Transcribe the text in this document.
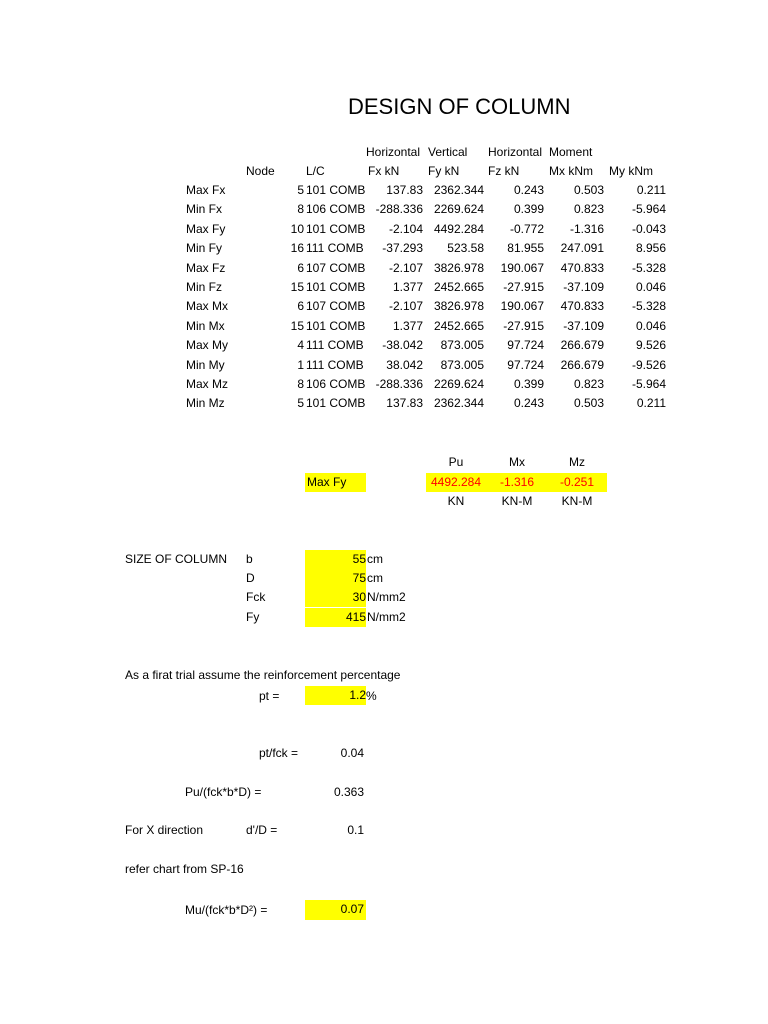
DESIGN OF COLUMN
Horizontal Vertical Horizontal Moment
Node	L/C	Fx kN Fy kN Fz kN Mx kNm My kNm
Max Fx	5 101 COMB 137.83 2362.344 0.243 0.503	0.211
Min Fx	8 106 COMB -288.336 2269.624 0.399 0.823 -5.964
Max Fy	10 101 COMB -2.104 4492.284 -0.772 -1.316 -0.043
Min Fy	16 111 COMB -37.293 523.58 81.955 247.091	8.956
Max Fz	6 107 COMB -2.107 3826.978 190.067 470.833 -5.328
Min Fz	15 101 COMB 1.377 2452.665 -27.915 -37.109	0.046
Max Mx	6 107 COMB -2.107 3826.978 190.067 470.833 -5.328
Min Mx	15 101 COMB 1.377 2452.665 -27.915 -37.109	0.046
Max My	4 111 COMB -38.042 873.005 97.724 266.679	9.526
Min My	1 111 COMB 38.042 873.005 97.724 266.679 -9.526
Max Mz	8 106 COMB -288.336 2269.624 0.399 0.823 -5.964
Min Mz	5 101 COMB 137.83 2362.344 0.243 0.503	0.211
Pu	Mx	Mz
Max Fy	4492.284	-1.316	-0.251
KN	KN-M	KN-M
SIZE OF COLUMN b	55 cm
D	75 cm
Fck	30 N/mm2
Fy	415 N/mm2
As a firat trial assume the reinforcement percentage
pt =	1.2 %
pt/fck =	0.04
Pu/(fck*b*D) =	0.363
For X direction	d'/D =	0.1
refer chart from SP-16
Mu/(fck*b*D²) =	0.07
